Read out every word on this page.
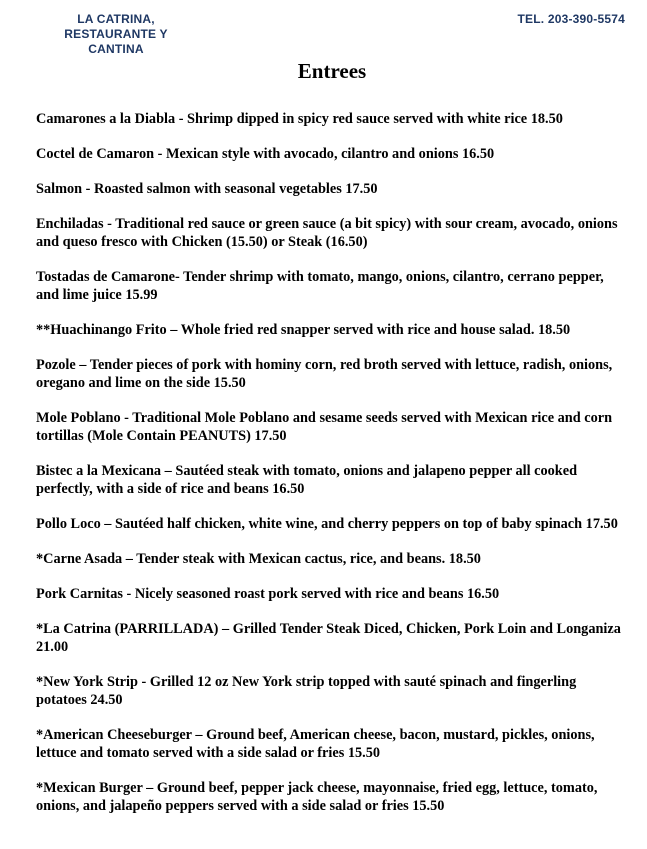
LA CATRINA,
RESTAURANTE Y CANTINA
TEL. 203-390-5574
Entrees

Camarones a la Diabla - Shrimp dipped in spicy red sauce served with white rice 18.50

Coctel de Camaron - Mexican style with avocado, cilantro and onions 16.50

Salmon - Roasted salmon with seasonal vegetables 17.50

Enchiladas - Traditional red sauce or green sauce (a bit spicy) with sour cream, avocado, onions and queso fresco with Chicken (15.50) or Steak (16.50)

Tostadas de Camarone- Tender shrimp with tomato, mango, onions, cilantro, cerrano pepper, and lime juice 15.99

**Huachinango Frito – Whole fried red snapper served with rice and house salad. 18.50

Pozole – Tender pieces of pork with hominy corn, red broth served with lettuce, radish, onions, oregano and lime on the side 15.50

Mole Poblano - Traditional Mole Poblano and sesame seeds served with Mexican rice and corn tortillas (Mole Contain PEANUTS) 17.50

Bistec a la Mexicana – Sautéed steak with tomato, onions and jalapeno pepper all cooked perfectly, with a side of rice and beans 16.50

Pollo Loco – Sautéed half chicken, white wine, and cherry peppers on top of baby spinach 17.50

*Carne Asada – Tender steak with Mexican cactus, rice, and beans. 18.50

Pork Carnitas - Nicely seasoned roast pork served with rice and beans 16.50

*La Catrina (PARRILLADA) – Grilled Tender Steak Diced, Chicken, Pork Loin and Longaniza 21.00

*New York Strip - Grilled 12 oz New York strip topped with sauté spinach and fingerling potatoes 24.50

*American Cheeseburger – Ground beef, American cheese, bacon, mustard, pickles, onions, lettuce and tomato served with a side salad or fries 15.50

*Mexican Burger – Ground beef, pepper jack cheese, mayonnaise, fried egg, lettuce, tomato, onions, and jalapeño peppers served with a side salad or fries 15.50
